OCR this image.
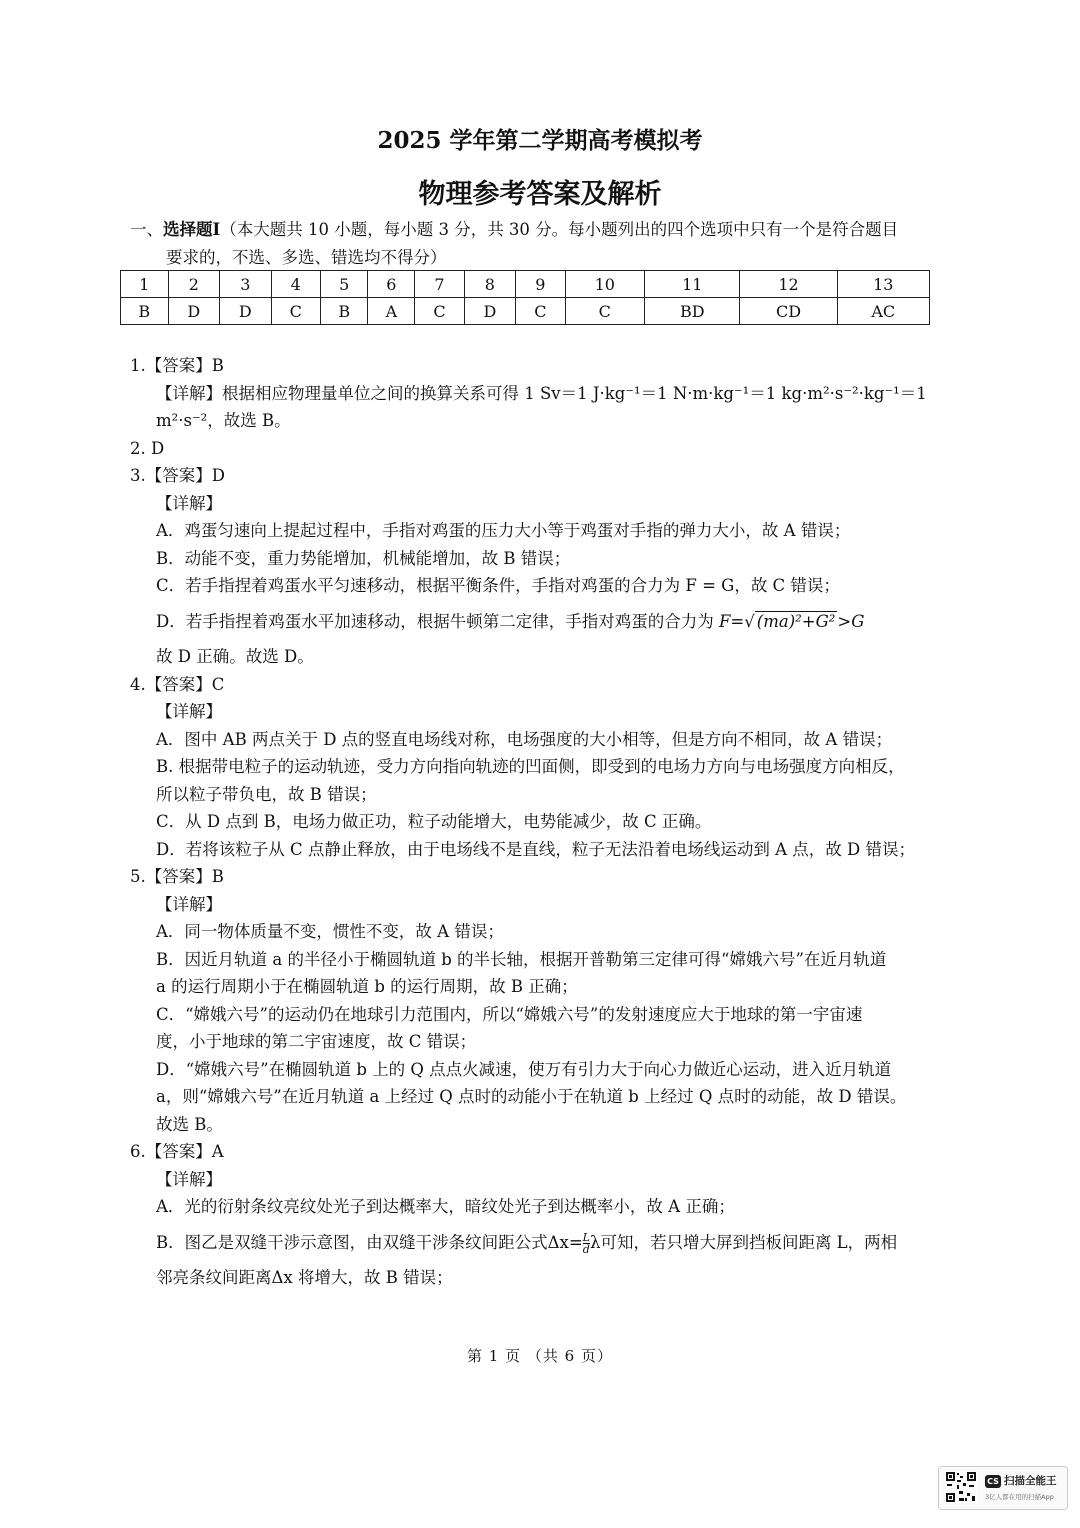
2025 学年第二学期高考模拟考
物理参考答案及解析
一、选择题Ⅰ（本大题共 10 小题，每小题 3 分，共 30 分。每小题列出的四个选项中只有一个是符合题目
要求的，不选、多选、错选均不得分）
1	2	3	4	5	6	7	8	9	10	11	12	13
B	D	D	C	B	A	C	D	C	C	BD	CD	AC
1.【答案】B
【详解】根据相应物理量单位之间的换算关系可得 1 Sv＝1 J·kg⁻¹＝1 N·m·kg⁻¹＝1 kg·m²·s⁻²·kg⁻¹＝1
m²·s⁻²，故选 B。
2. D
3.【答案】D
【详解】
A．鸡蛋匀速向上提起过程中，手指对鸡蛋的压力大小等于鸡蛋对手指的弹力大小，故 A 错误；
B．动能不变，重力势能增加，机械能增加，故 B 错误；
C．若手指捏着鸡蛋水平匀速移动，根据平衡条件，手指对鸡蛋的合力为 F = G，故 C 错误；
D．若手指捏着鸡蛋水平加速移动，根据牛顿第二定律，手指对鸡蛋的合力为 F=√ (ma)²+G² >G
故 D 正确。故选 D。
4.【答案】C
【详解】
A．图中 AB 两点关于 D 点的竖直电场线对称，电场强度的大小相等，但是方向不相同，故 A 错误；
B. 根据带电粒子的运动轨迹，受力方向指向轨迹的凹面侧，即受到的电场力方向与电场强度方向相反，
所以粒子带负电，故 B 错误；
C．从 D 点到 B，电场力做正功，粒子动能增大，电势能减少，故 C 正确。
D．若将该粒子从 C 点静止释放，由于电场线不是直线，粒子无法沿着电场线运动到 A 点，故 D 错误；
5.【答案】B
【详解】
A．同一物体质量不变，惯性不变，故 A 错误；
B．因近月轨道 a 的半径小于椭圆轨道 b 的半长轴，根据开普勒第三定律可得“嫦娥六号”在近月轨道
a 的运行周期小于在椭圆轨道 b 的运行周期，故 B 正确；
C．“嫦娥六号”的运动仍在地球引力范围内，所以“嫦娥六号”的发射速度应大于地球的第一宇宙速
度，小于地球的第二宇宙速度，故 C 错误；
D．“嫦娥六号”在椭圆轨道 b 上的 Q 点点火减速，使万有引力大于向心力做近心运动，进入近月轨道
a，则“嫦娥六号”在近月轨道 a 上经过 Q 点时的动能小于在轨道 b 上经过 Q 点时的动能，故 D 错误。
故选 B。
6.【答案】A
【详解】
A．光的衍射条纹亮纹处光子到达概率大，暗纹处光子到达概率小，故 A 正确；
B．图乙是双缝干涉示意图，由双缝干涉条纹间距公式$\Delta x= \frac{L}{d}$ λ可知，若只增大屏到挡板间距离 L，两相
邻亮条纹间距离Δx 将增大，故 B 错误；
第 1 页 （共 6 页）
CS 扫描全能王
3亿人都在用的扫描App
